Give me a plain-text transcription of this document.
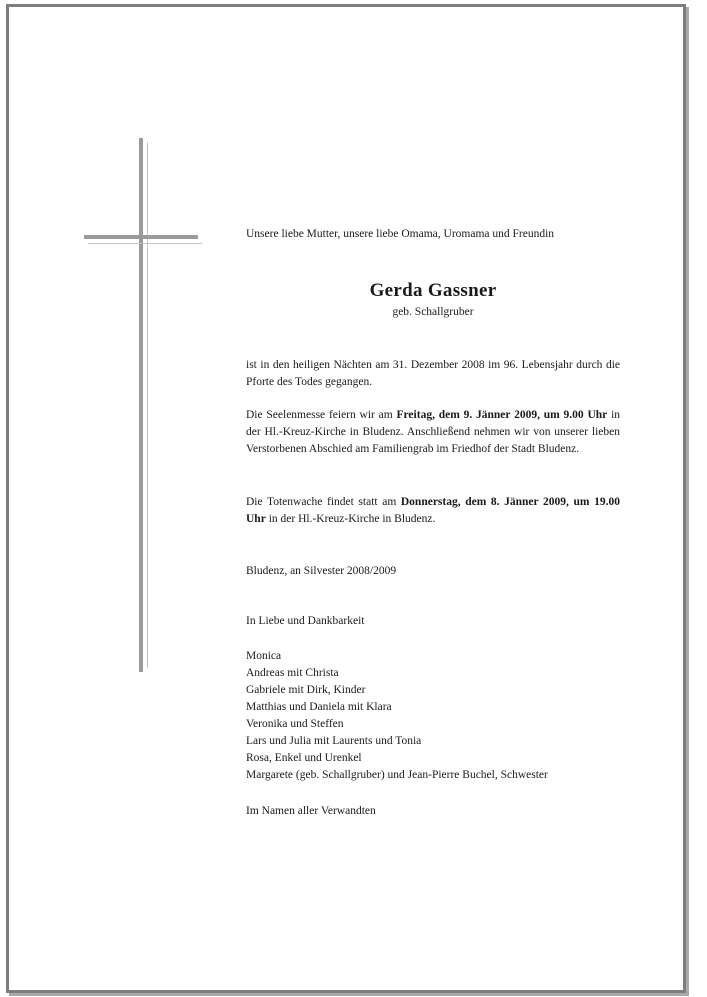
Unsere liebe Mutter, unsere liebe Omama, Uromama und Freundin
Gerda Gassner
geb. Schallgruber
ist in den heiligen Nächten am 31. Dezember 2008 im 96. Lebensjahr durch die Pforte des Todes gegangen.
Die Seelenmesse feiern wir am Freitag, dem 9. Jänner 2009, um 9.00 Uhr in der Hl.-Kreuz-Kirche in Bludenz. Anschließend nehmen wir von unserer lieben Verstorbenen Abschied am Familiengrab im Friedhof der Stadt Bludenz.
Die Totenwache findet statt am Donnerstag, dem 8. Jänner 2009, um 19.00 Uhr in der Hl.-Kreuz-Kirche in Bludenz.
Bludenz, an Silvester 2008/2009
In Liebe und Dankbarkeit
Monica
Andreas mit Christa
Gabriele mit Dirk, Kinder
Matthias und Daniela mit Klara
Veronika und Steffen
Lars und Julia mit Laurents und Tonia
Rosa, Enkel und Urenkel
Margarete (geb. Schallgruber) und Jean-Pierre Buchel, Schwester
Im Namen aller Verwandten
